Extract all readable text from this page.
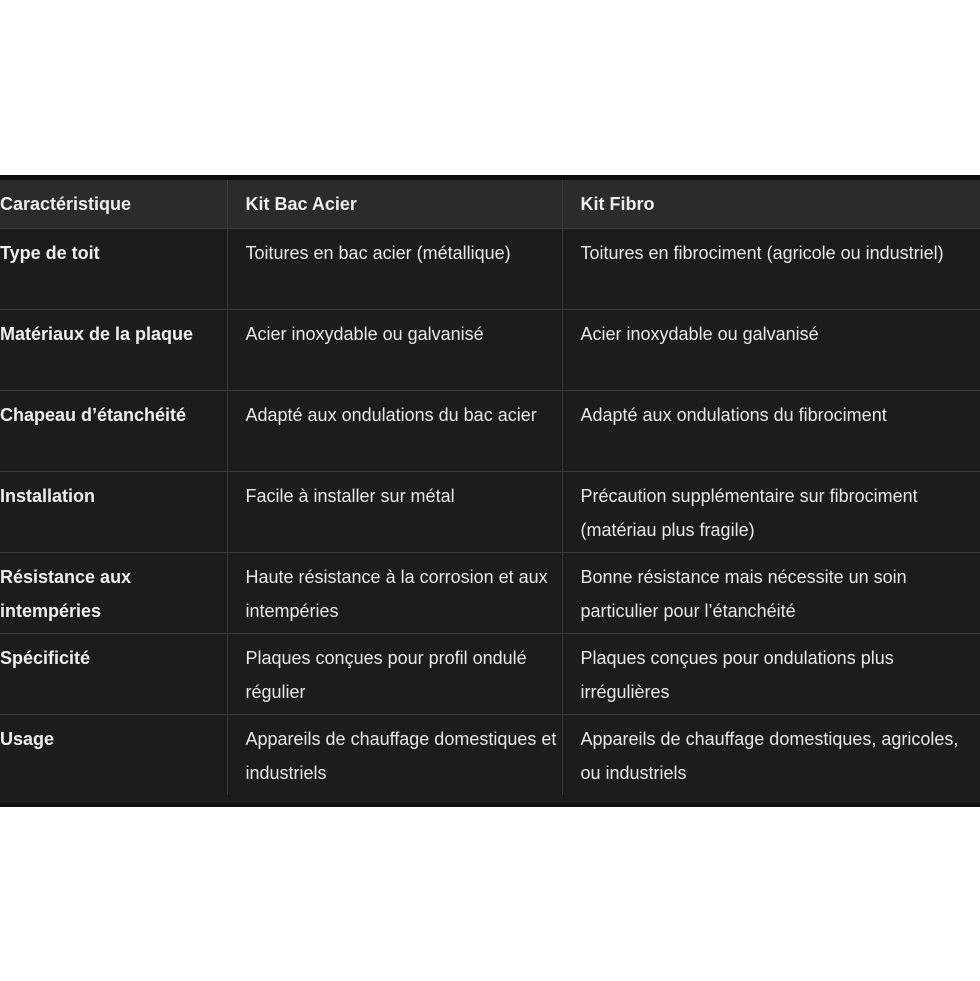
Caractéristique	Kit Bac Acier	Kit Fibro
Type de toit	Toitures en bac acier (métallique)	Toitures en fibrociment (agricole ou industriel)
Matériaux de la plaque	Acier inoxydable ou galvanisé	Acier inoxydable ou galvanisé
Chapeau d’étanchéité	Adapté aux ondulations du bac acier	Adapté aux ondulations du fibrociment
Installation	Facile à installer sur métal	Précaution supplémentaire sur fibrociment (matériau plus fragile)
Résistance aux intempéries	Haute résistance à la corrosion et aux intempéries	Bonne résistance mais nécessite un soin particulier pour l’étanchéité
Spécificité	Plaques conçues pour profil ondulé régulier	Plaques conçues pour ondulations plus irrégulières
Usage	Appareils de chauffage domestiques et industriels	Appareils de chauffage domestiques, agricoles, ou industriels
